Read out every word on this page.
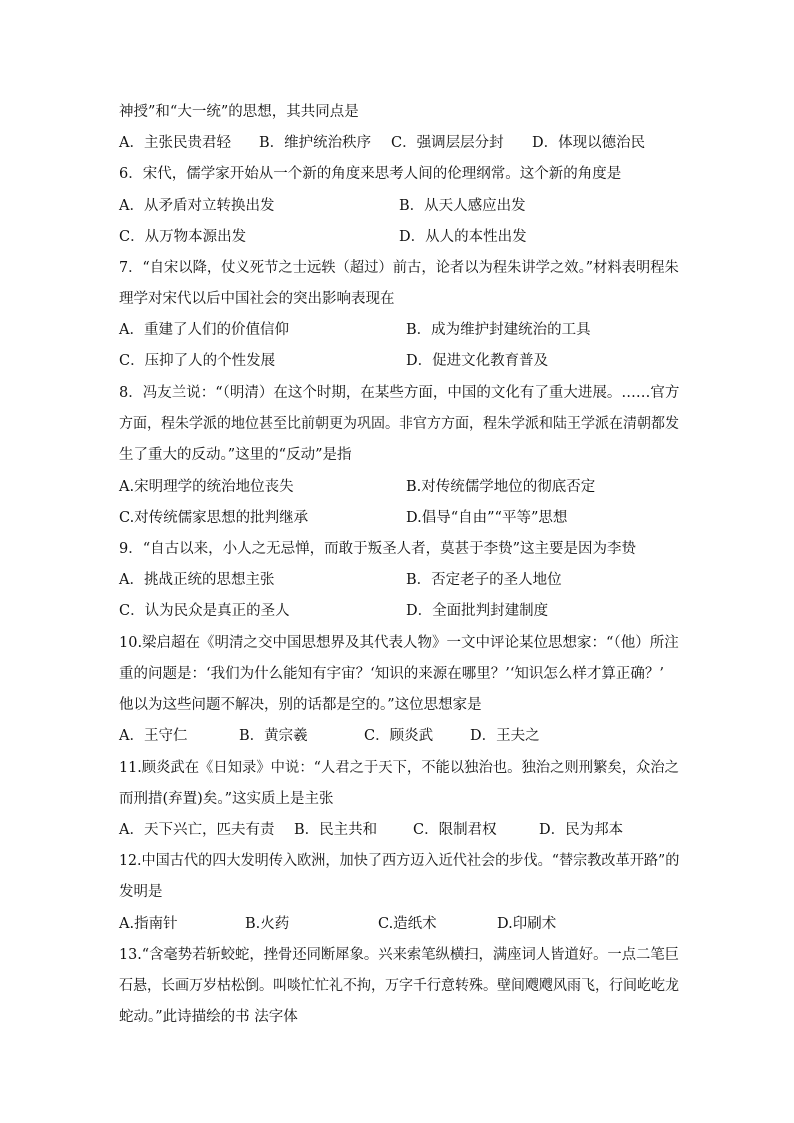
神授”和“大一统”的思想，其共同点是
A．主张民贵君轻 B．维护统治秩序 C．强调层层分封 D．体现以德治民
6．宋代，儒学家开始从一个新的角度来思考人间的伦理纲常。这个新的角度是
A．从矛盾对立转换出发	B．从天人感应出发
C．从万物本源出发	D．从人的本性出发
7．“自宋以降，仗义死节之士远轶（超过）前古，论者以为程朱讲学之效。”材料表明程朱
理学对宋代以后中国社会的突出影响表现在
A．重建了人们的价值信仰	B．成为维护封建统治的工具
C．压抑了人的个性发展	D．促进文化教育普及
8．冯友兰说：“（明清）在这个时期，在某些方面，中国的文化有了重大进展。……官方
方面，程朱学派的地位甚至比前朝更为巩固。非官方方面，程朱学派和陆王学派在清朝都发
生了重大的反动。”这里的“反动”是指
A.宋明理学的统治地位丧失	B.对传统儒学地位的彻底否定
C.对传统儒家思想的批判继承	D.倡导“自由”“平等”思想
9．“自古以来，小人之无忌惮，而敢于叛圣人者，莫甚于李贽”这主要是因为李贽
A．挑战正统的思想主张	B．否定老子的圣人地位
C．认为民众是真正的圣人	D．全面批判封建制度
10.梁启超在《明清之交中国思想界及其代表人物》一文中评论某位思想家：“（他）所注
重的问题是：‘我们为什么能知有宇宙？‘知识的来源在哪里？’‘知识怎么样才算正确？’
他以为这些问题不解决，别的话都是空的。”这位思想家是
A．王守仁	B．黄宗羲	C．顾炎武	D．王夫之
11.顾炎武在《日知录》中说：“人君之于天下，不能以独治也。独治之则刑繁矣，众治之
而刑措(弃置)矣。”这实质上是主张
A．天下兴亡，匹夫有责 B．民主共和 C．限制君权	D．民为邦本
12.中国古代的四大发明传入欧洲，加快了西方迈入近代社会的步伐。“替宗教改革开路”的
发明是
A.指南针	B.火药	C.造纸术	D.印刷术
13.“含毫势若斩蛟蛇，挫骨还同断犀象。兴来索笔纵横扫，满座词人皆道好。一点二笔巨
石悬，长画万岁枯松倒。叫啖忙忙礼不拘，万字千行意转殊。壁间飕飕风雨飞，行间屹屹龙
蛇动。”此诗描绘的书 法字体
